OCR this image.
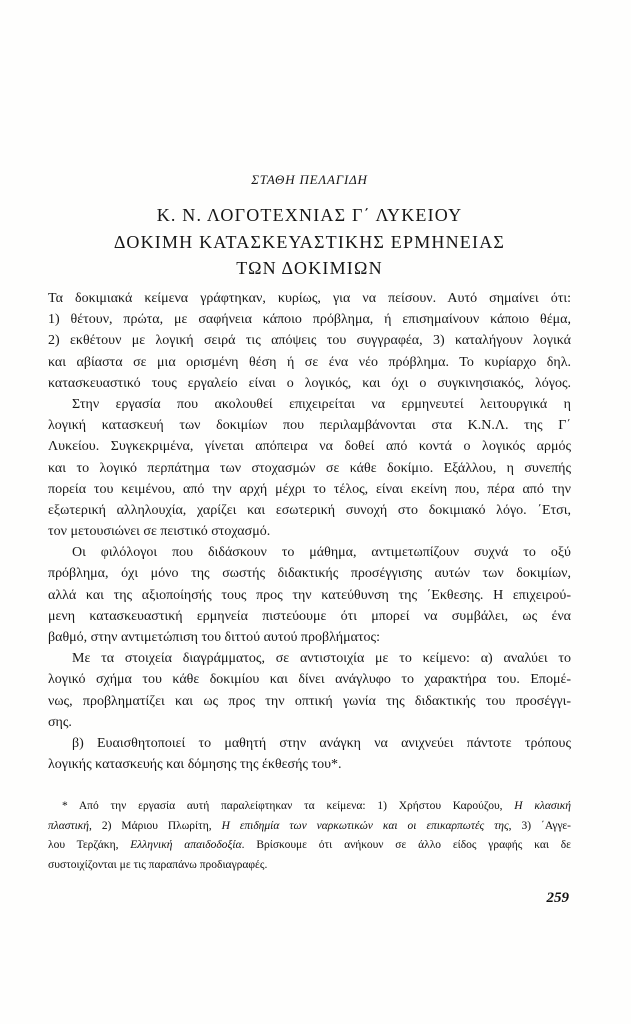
ΣΤΑΘΗ ΠΕΛΑΓΙΔΗ
Κ. Ν. ΛΟΓΟΤΕΧΝΙΑΣ Γ΄ ΛΥΚΕΙΟΥ
ΔΟΚΙΜΗ ΚΑΤΑΣΚΕΥΑΣΤΙΚΗΣ ΕΡΜΗΝΕΙΑΣ
ΤΩΝ ΔΟΚΙΜΙΩΝ
Τα δοκιμιακά κείμενα γράφτηκαν, κυρίως, για να πείσουν. Αυτό σημαίνει ότι:
1) θέτουν, πρώτα, με σαφήνεια κάποιο πρόβλημα, ή επισημαίνουν κάποιο θέμα,
2) εκθέτουν με λογική σειρά τις απόψεις του συγγραφέα, 3) καταλήγουν λογικά
και αβίαστα σε μια ορισμένη θέση ή σε ένα νέο πρόβλημα. Το κυρίαρχο δηλ.
κατασκευαστικό τους εργαλείο είναι ο λογικός, και όχι ο συγκινησιακός, λόγος.
Στην εργασία που ακολουθεί επιχειρείται να ερμηνευτεί λειτουργικά η
λογική κατασκευή των δοκιμίων που περιλαμβάνονται στα Κ.Ν.Λ. της Γ΄
Λυκείου. Συγκεκριμένα, γίνεται απόπειρα να δοθεί από κοντά ο λογικός αρμός
και το λογικό περπάτημα των στοχασμών σε κάθε δοκίμιο. Εξάλλου, η συνεπής
πορεία του κειμένου, από την αρχή μέχρι το τέλος, είναι εκείνη που, πέρα από την
εξωτερική αλληλουχία, χαρίζει και εσωτερική συνοχή στο δοκιμιακό λόγο. ΄Ετσι,
τον μετουσιώνει σε πειστικό στοχασμό.
Οι φιλόλογοι που διδάσκουν το μάθημα, αντιμετωπίζουν συχνά το οξύ
πρόβλημα, όχι μόνο της σωστής διδακτικής προσέγγισης αυτών των δοκιμίων,
αλλά και της αξιοποίησής τους προς την κατεύθυνση της ΄Εκθεσης. Η επιχειρού-
μενη κατασκευαστική ερμηνεία πιστεύουμε ότι μπορεί να συμβάλει, ως ένα
βαθμό, στην αντιμετώπιση του διττού αυτού προβλήματος:
Με τα στοιχεία διαγράμματος, σε αντιστοιχία με το κείμενο: α) αναλύει το
λογικό σχήμα του κάθε δοκιμίου και δίνει ανάγλυφο το χαρακτήρα του. Επομέ-
νως, προβληματίζει και ως προς την οπτική γωνία της διδακτικής του προσέγγι-
σης.
β) Ευαισθητοποιεί το μαθητή στην ανάγκη να ανιχνεύει πάντοτε τρόπους
λογικής κατασκευής και δόμησης της έκθεσής του*.
* Από την εργασία αυτή παραλείφτηκαν τα κείμενα: 1) Χρήστου Καρούζου, Η κλασική
πλαστική, 2) Μάριου Πλωρίτη, Η επιδημία των ναρκωτικών και οι επικαρπωτές της, 3) ΄Αγγε-
λου Τερζάκη, Ελληνική απαιδοδοξία. Βρίσκουμε ότι ανήκουν σε άλλο είδος γραφής και δε
συστοιχίζονται με τις παραπάνω προδιαγραφές.
259
